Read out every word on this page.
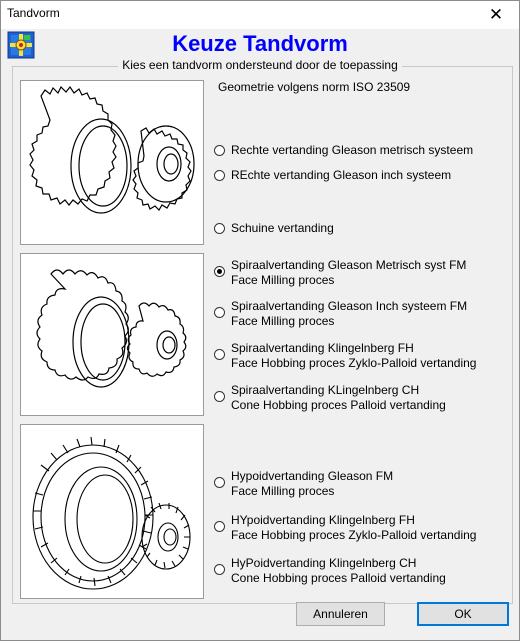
Tandvorm	✕
Keuze Tandvorm
Kies een tandvorm ondersteund door de toepassing
Geometrie volgens norm ISO 23509
Rechte vertanding Gleason metrisch systeem
REchte vertanding Gleason inch systeem
Schuine vertanding
Spiraalvertanding Gleason Metrisch syst FM
Face Milling proces
Spiraalvertanding Gleason Inch systeem FM
Face Milling proces
Spiraalvertanding Klingelnberg FH
Face Hobbing proces Zyklo-Palloid vertanding
Spiraalvertanding KLingelnberg CH
Cone Hobbing proces Palloid vertanding
Hypoidvertanding Gleason FM
Face Milling proces
HYpoidvertanding Klingelnberg FH
Face Hobbing proces Zyklo-Palloid vertanding
HyPoidvertanding Klingelnberg CH
Cone Hobbing proces Palloid vertanding
Annuleren	OK
